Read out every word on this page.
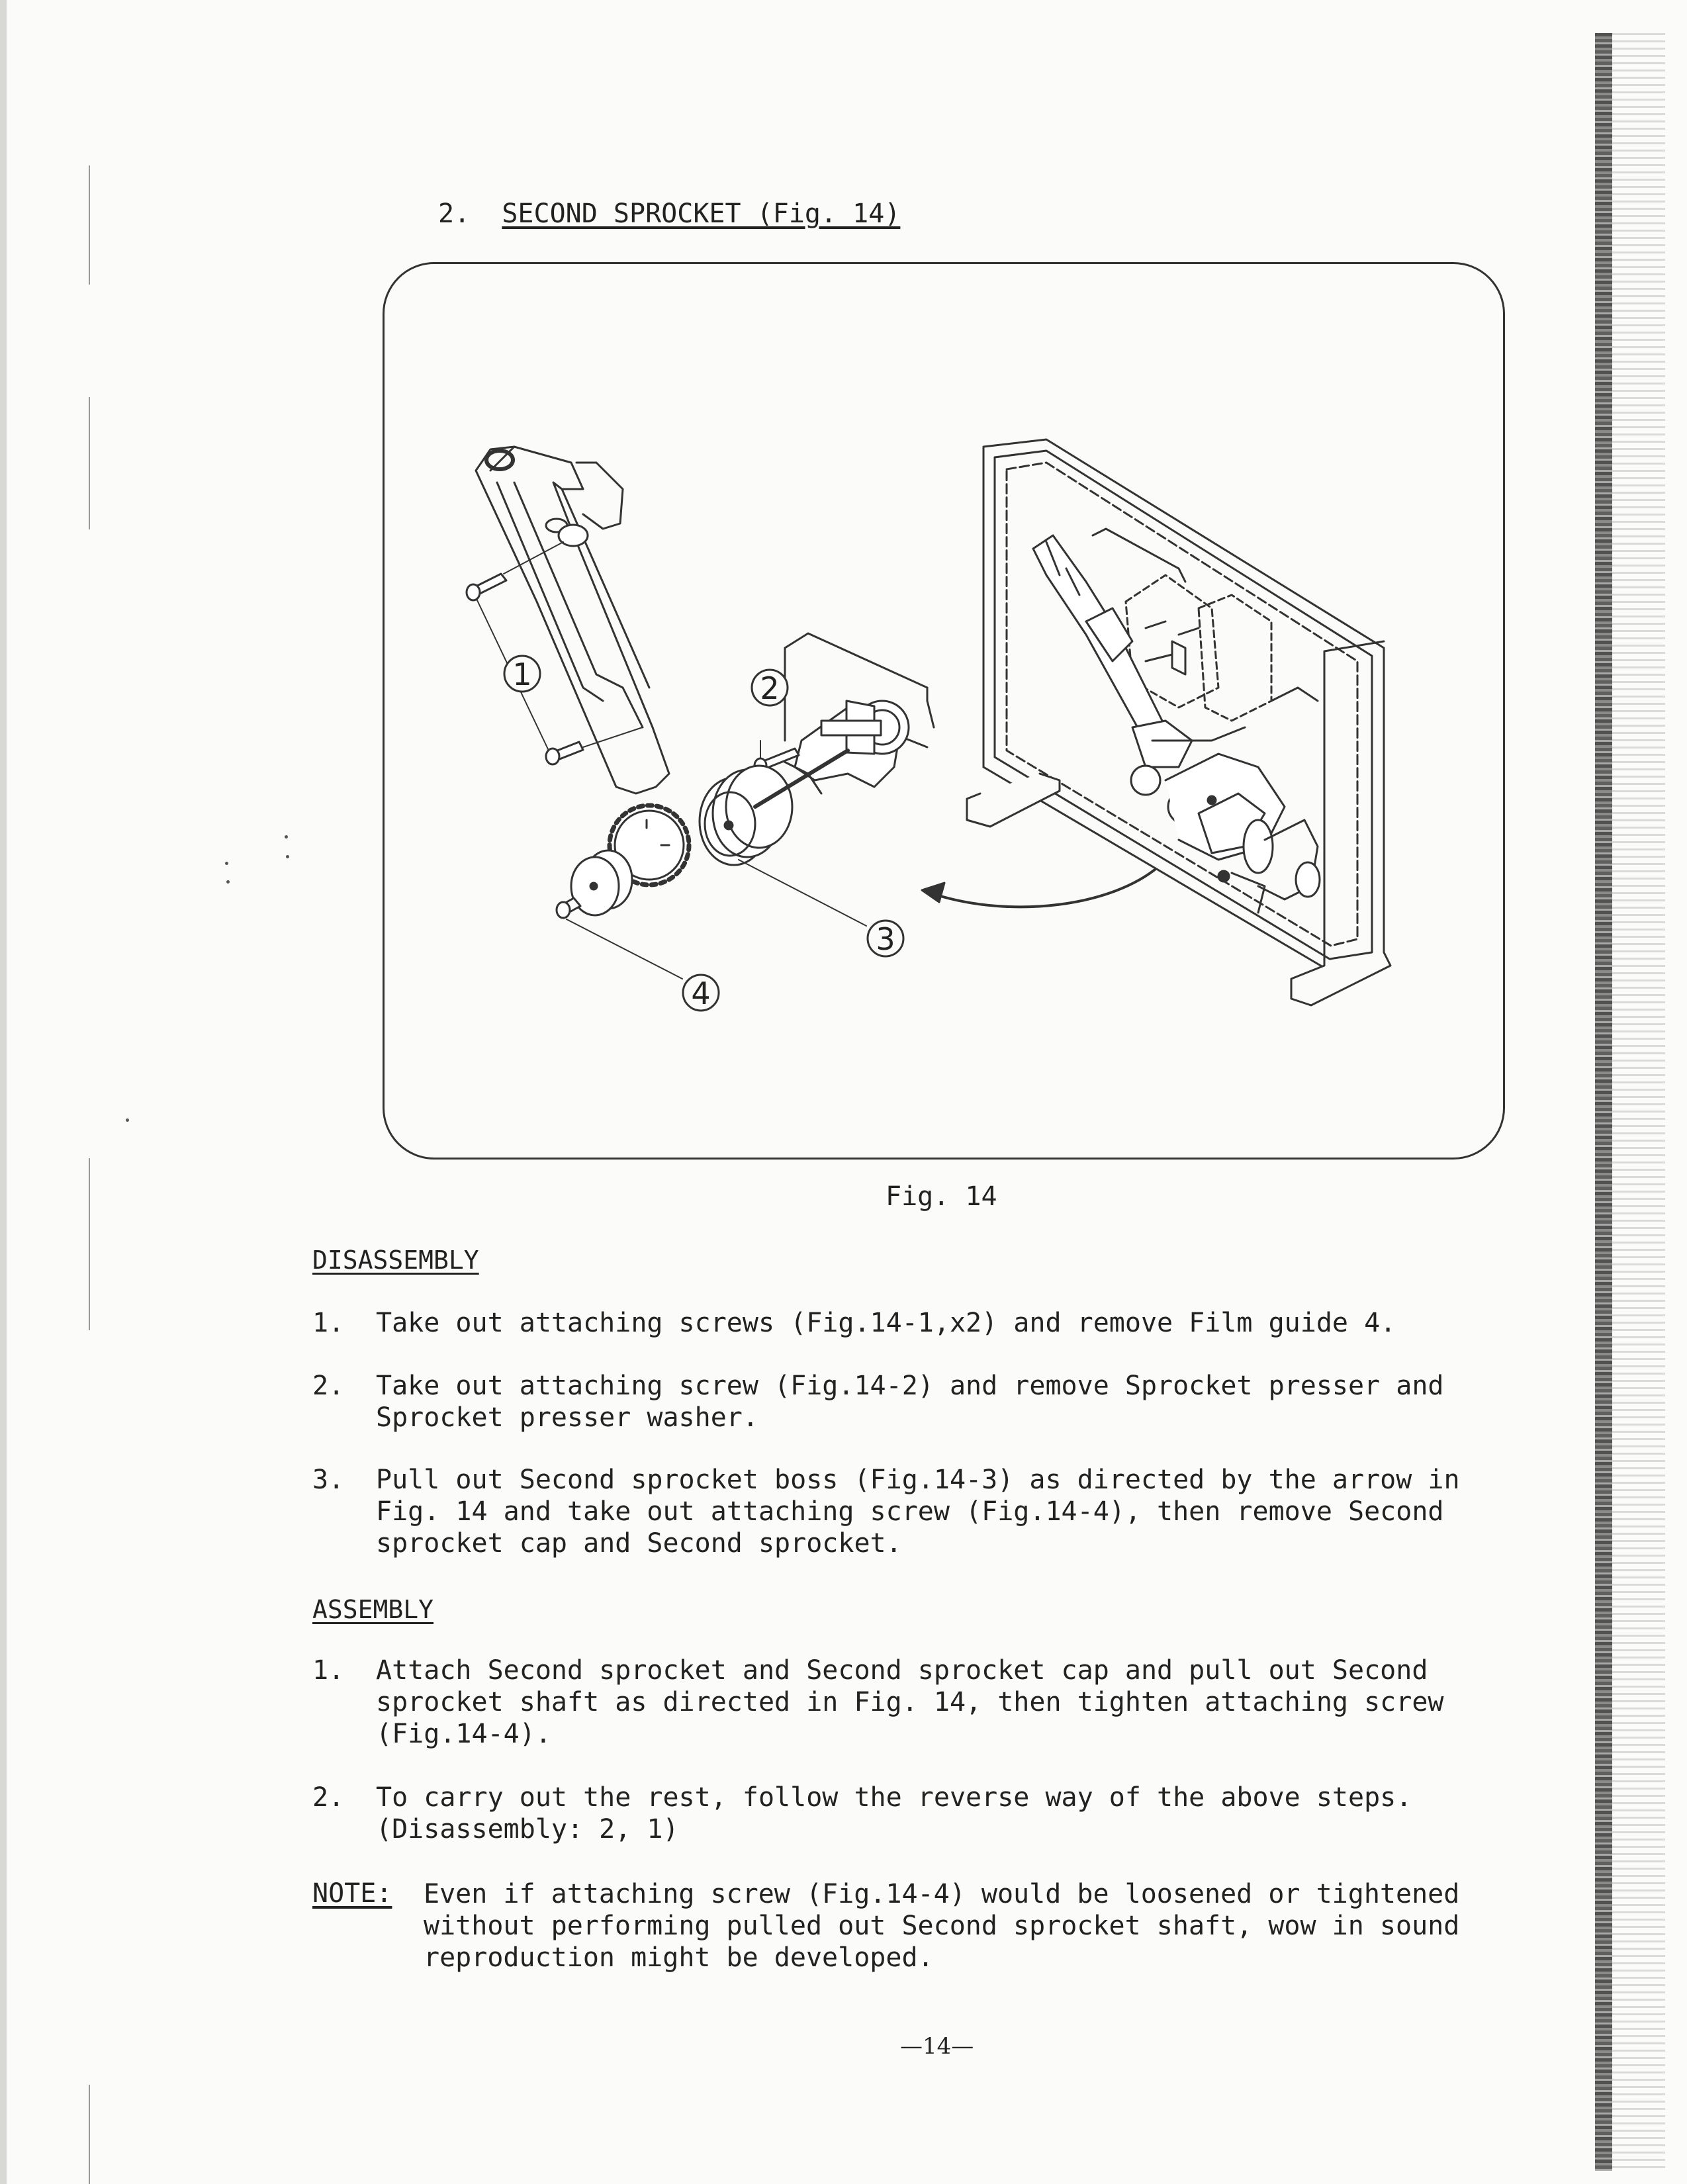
2. SECOND SPROCKET (Fig. 14)
1	2
3
4
Fig. 14
DISASSEMBLY
1. Take out attaching screws (Fig.14-1,x2) and remove Film guide 4.
2. Take out attaching screw (Fig.14-2) and remove Sprocket presser and
Sprocket presser washer.
3. Pull out Second sprocket boss (Fig.14-3) as directed by the arrow in
Fig. 14 and take out attaching screw (Fig.14-4), then remove Second
sprocket cap and Second sprocket.
ASSEMBLY
1. Attach Second sprocket and Second sprocket cap and pull out Second
sprocket shaft as directed in Fig. 14, then tighten attaching screw
(Fig.14-4).
2. To carry out the rest, follow the reverse way of the above steps.
(Disassembly: 2, 1)
NOTE: Even if attaching screw (Fig.14-4) would be loosened or tightened
without performing pulled out Second sprocket shaft, wow in sound
reproduction might be developed.
—14—
